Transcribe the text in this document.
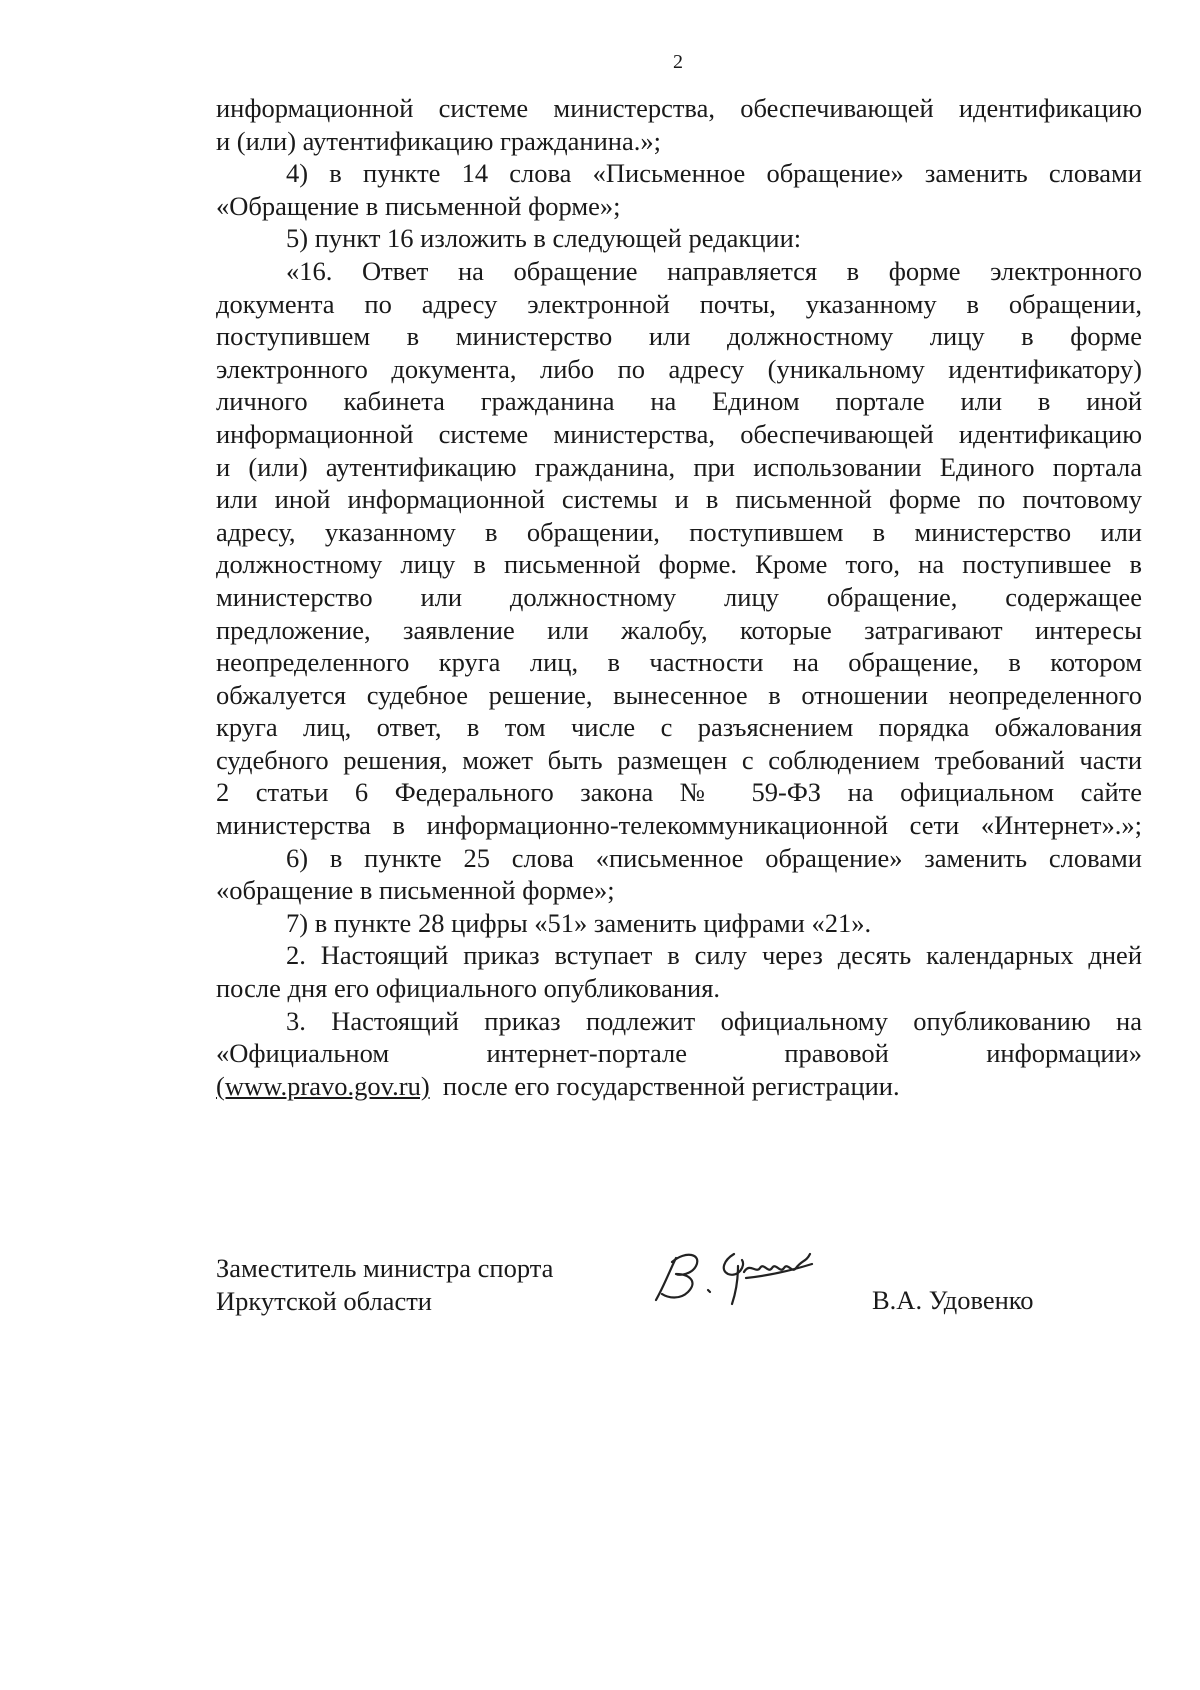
2
информационной системе министерства, обеспечивающей идентификацию
и (или) аутентификацию гражданина.»;
4) в пункте 14 слова «Письменное обращение» заменить словами
«Обращение в письменной форме»;
5) пункт 16 изложить в следующей редакции:
«16. Ответ на обращение направляется в форме электронного
документа по адресу электронной почты, указанному в обращении,
поступившем в министерство или должностному лицу в форме
электронного документа, либо по адресу (уникальному идентификатору)
личного кабинета гражданина на Едином портале или в иной
информационной системе министерства, обеспечивающей идентификацию
и (или) аутентификацию гражданина, при использовании Единого портала
или иной информационной системы и в письменной форме по почтовому
адресу, указанному в обращении, поступившем в министерство или
должностному лицу в письменной форме. Кроме того, на поступившее в
министерство или должностному лицу обращение, содержащее
предложение, заявление или жалобу, которые затрагивают интересы
неопределенного круга лиц, в частности на обращение, в котором
обжалуется судебное решение, вынесенное в отношении неопределенного
круга лиц, ответ, в том числе с разъяснением порядка обжалования
судебного решения, может быть размещен с соблюдением требований части
2 статьи 6 Федерального закона № 59-ФЗ на официальном сайте
министерства в информационно-телекоммуникационной сети «Интернет».»;
6) в пункте 25 слова «письменное обращение» заменить словами
«обращение в письменной форме»;
7) в пункте 28 цифры «51» заменить цифрами «21».
2. Настоящий приказ вступает в силу через десять календарных дней
после дня его официального опубликования.
3. Настоящий приказ подлежит официальному опубликованию на
«Официальном интернет-портале правовой информации»
(www.pravo.gov.ru)  после его государственной регистрации.
Заместитель министра спорта
Иркутской области	В.А. Удовенко
